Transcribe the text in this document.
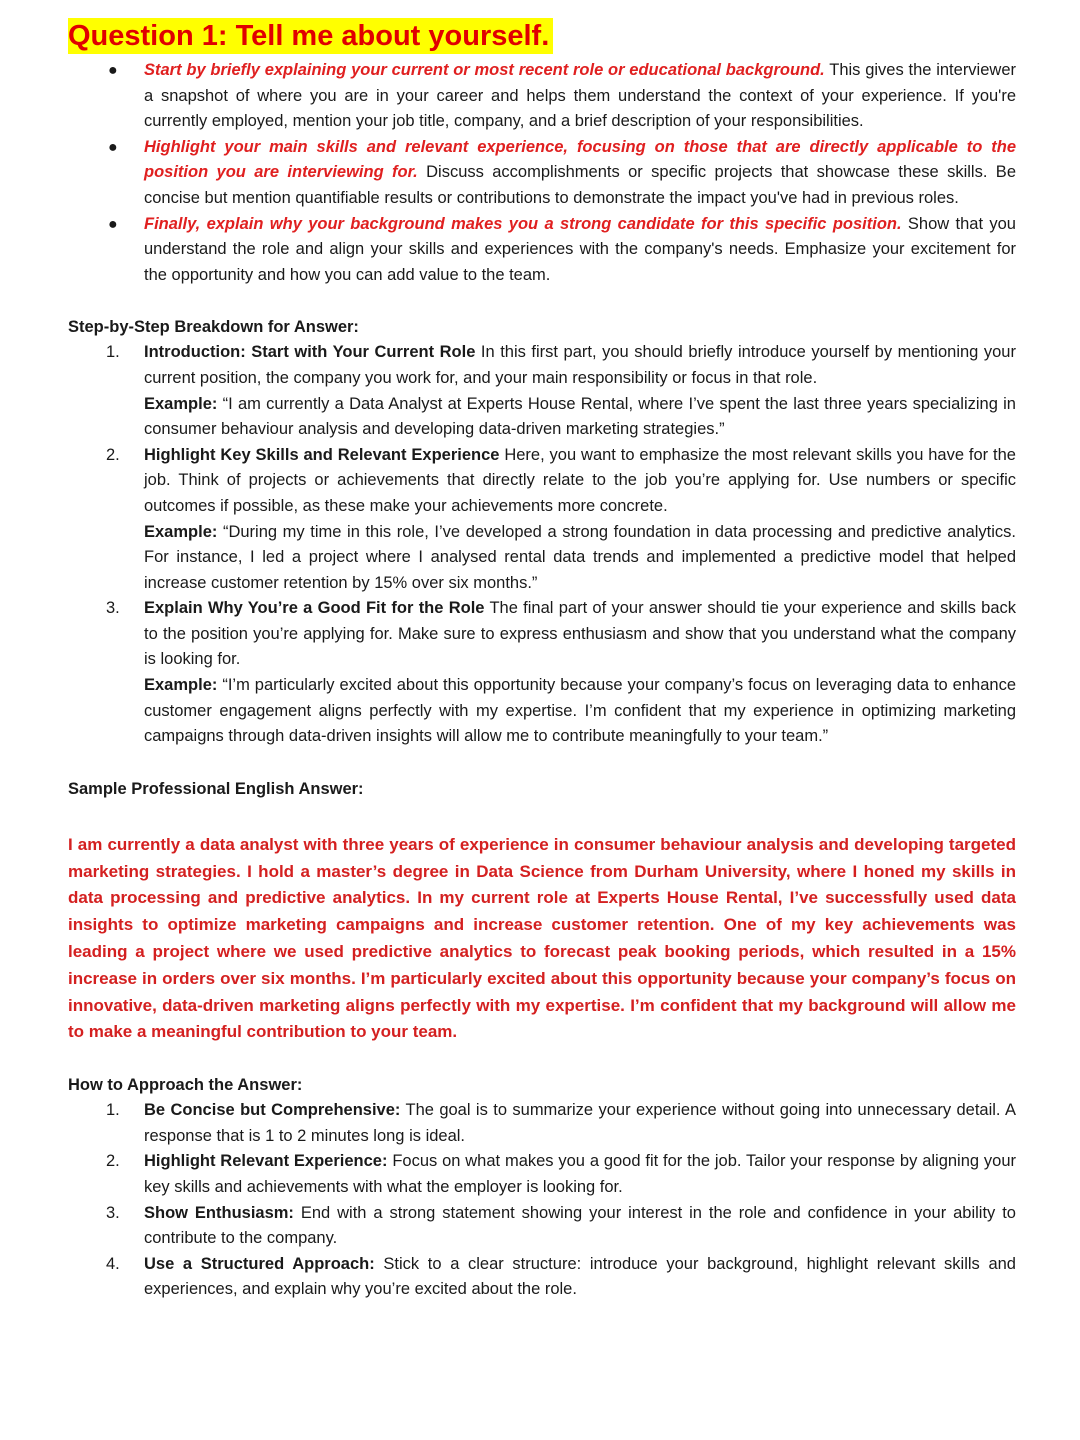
Question 1: Tell me about yourself.
● Start by briefly explaining your current or most recent role or educational background. This gives the interviewer a snapshot of where you are in your career and helps them understand the context of your experience. If you're currently employed, mention your job title, company, and a brief description of your responsibilities.
● Highlight your main skills and relevant experience, focusing on those that are directly applicable to the position you are interviewing for. Discuss accomplishments or specific projects that showcase these skills. Be concise but mention quantifiable results or contributions to demonstrate the impact you've had in previous roles.
● Finally, explain why your background makes you a strong candidate for this specific position. Show that you understand the role and align your skills and experiences with the company's needs. Emphasize your excitement for the opportunity and how you can add value to the team.

Step-by-Step Breakdown for Answer:

1. Introduction: Start with Your Current Role In this first part, you should briefly introduce yourself by mentioning your current position, the company you work for, and your main responsibility or focus in that role.
Example: “I am currently a Data Analyst at Experts House Rental, where I’ve spent the last three years specializing in consumer behaviour analysis and developing data-driven marketing strategies.”
2. Highlight Key Skills and Relevant Experience Here, you want to emphasize the most relevant skills you have for the job. Think of projects or achievements that directly relate to the job you’re applying for. Use numbers or specific outcomes if possible, as these make your achievements more concrete.
Example: “During my time in this role, I’ve developed a strong foundation in data processing and predictive analytics. For instance, I led a project where I analysed rental data trends and implemented a predictive model that helped increase customer retention by 15% over six months.”
3. Explain Why You’re a Good Fit for the Role The final part of your answer should tie your experience and skills back to the position you’re applying for. Make sure to express enthusiasm and show that you understand what the company is looking for.
Example: “I’m particularly excited about this opportunity because your company’s focus on leveraging data to enhance customer engagement aligns perfectly with my expertise. I’m confident that my experience in optimizing marketing campaigns through data-driven insights will allow me to contribute meaningfully to your team.”

Sample Professional English Answer:

I am currently a data analyst with three years of experience in consumer behaviour analysis and developing targeted marketing strategies. I hold a master’s degree in Data Science from Durham University, where I honed my skills in data processing and predictive analytics. In my current role at Experts House Rental, I’ve successfully used data insights to optimize marketing campaigns and increase customer retention. One of my key achievements was leading a project where we used predictive analytics to forecast peak booking periods, which resulted in a 15% increase in orders over six months. I’m particularly excited about this opportunity because your company’s focus on innovative, data-driven marketing aligns perfectly with my expertise. I’m confident that my background will allow me to make a meaningful contribution to your team.

How to Approach the Answer:

1. Be Concise but Comprehensive: The goal is to summarize your experience without going into unnecessary detail. A response that is 1 to 2 minutes long is ideal.
2. Highlight Relevant Experience: Focus on what makes you a good fit for the job. Tailor your response by aligning your key skills and achievements with what the employer is looking for.
3. Show Enthusiasm: End with a strong statement showing your interest in the role and confidence in your ability to contribute to the company.
4. Use a Structured Approach: Stick to a clear structure: introduce your background, highlight relevant skills and experiences, and explain why you’re excited about the role.
